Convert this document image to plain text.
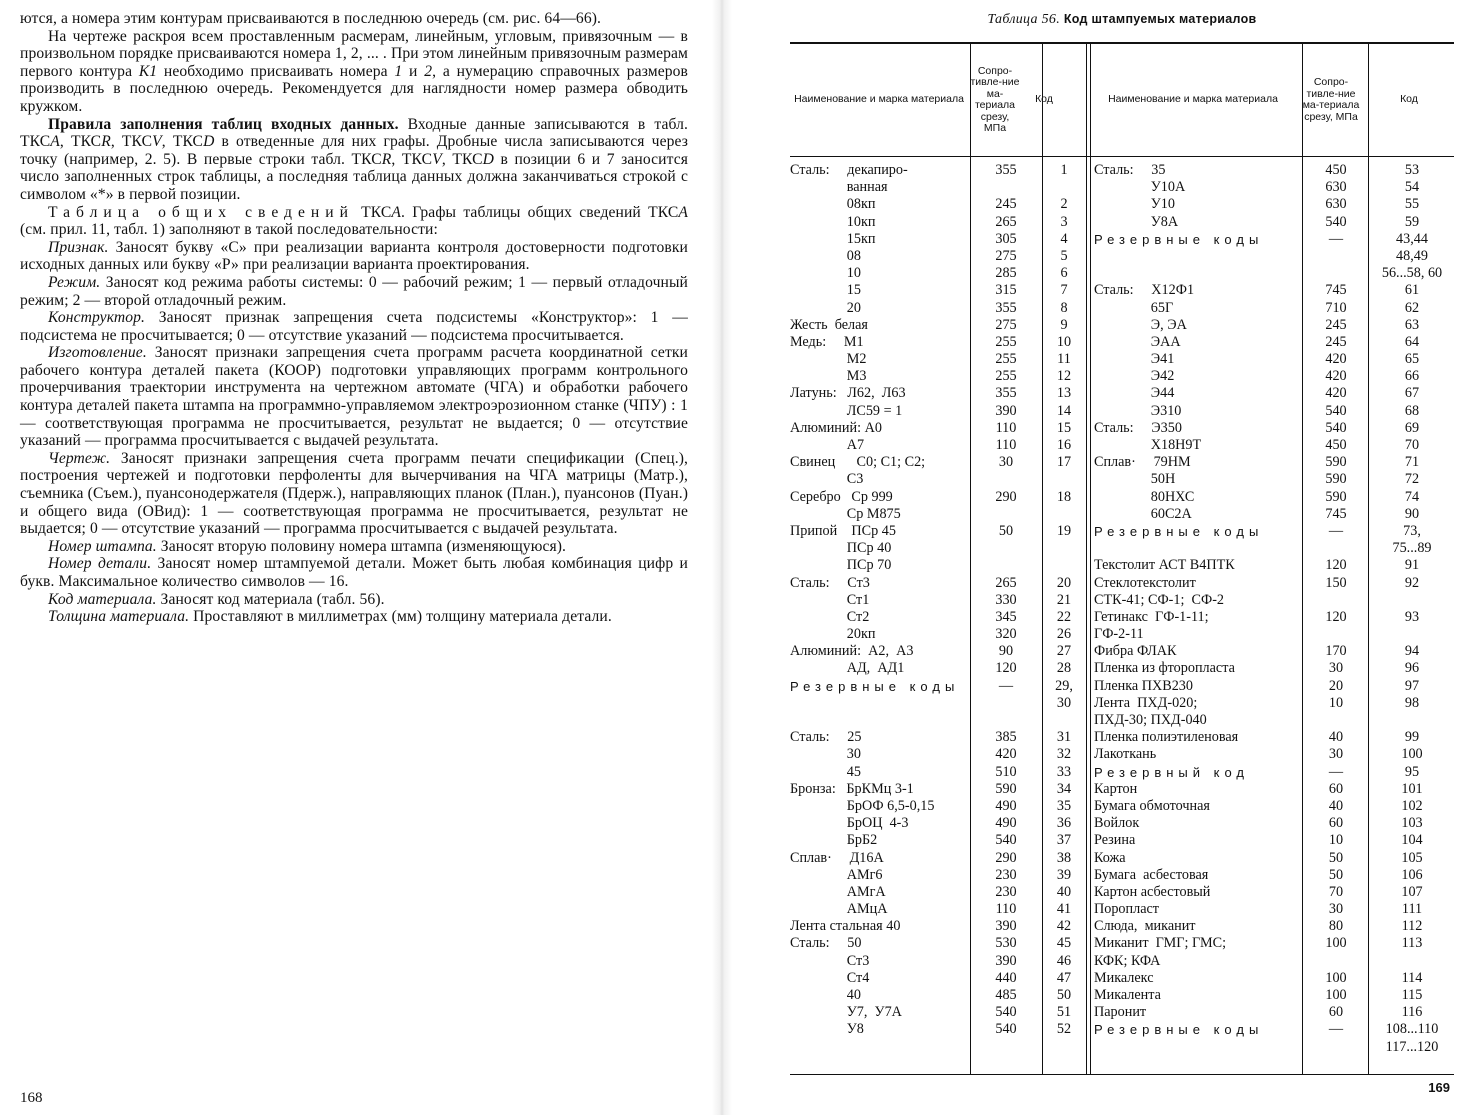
ются, а номера этим контурам присваиваются в последнюю очередь (см. рис. 64—66).

На чертеже раскроя всем проставленным расмерам, линейным, угловым, привязочным — в произвольном порядке присваиваются номера 1, 2, ... . При этом линейным привязочным размерам первого контура К1 необходимо присваивать номера 1 и 2, а нумерацию справочных размеров производить в последнюю очередь. Рекомендуется для наглядности номер размера обводить кружком.

Правила заполнения таблиц входных данных. Входные данные записываются в табл. ТКСA, ТКСR, ТКСV, ТКСD в отведенные для них графы. Дробные числа записываются через точку (например, 2. 5). В первые строки табл. ТКСR, ТКСV, ТКСD в позиции 6 и 7 заносится число заполненных строк таблицы, а последняя таблица данных должна заканчиваться строкой с символом «*» в первой позиции.

Таблица общих сведений ТКСA. Графы таблицы общих сведений ТКСA (см. прил. 11, табл. 1) заполняют в такой последовательности:

Признак. Заносят букву «С» при реализации варианта контроля достоверности подготовки исходных данных или букву «Р» при реализации варианта проектирования.

Режим. Заносят код режима работы системы: 0 — рабочий режим; 1 — первый отладочный режим; 2 — второй отладочный режим.

Конструктор. Заносят признак запрещения счета подсистемы «Конструктор»: 1 — подсистема не просчитывается; 0 — отсутствие указаний — подсистема просчитывается.

Изготовление. Заносят признаки запрещения счета программ расчета координатной сетки рабочего контура деталей пакета (КООР) подготовки управляющих программ контрольного прочерчивания траектории инструмента на чертежном автомате (ЧГА) и обработки рабочего контура деталей пакета штампа на программно-управляемом электроэрозионном станке (ЧПУ) : 1 — соответствующая программа не просчитывается, результат не выдается; 0 — отсутствие указаний — программа просчитывается с выдачей результата.

Чертеж. Заносят признаки запрещения счета программ печати спецификации (Спец.), построения чертежей и подготовки перфоленты для вычерчивания на ЧГА матрицы (Матр.), съемника (Съем.), пуансонодержателя (Пдерж.), направляющих планок (План.), пуансонов (Пуан.) и общего вида (ОВид): 1 — соответствующая программа не просчитывается, результат не выдается; 0 — отсутствие указаний — программа просчитывается с выдачей результата.

Номер штампа. Заносят вторую половину номера штампа (изменяющуюся).

Номер детали. Заносят номер штампуемой детали. Может быть любая комбинация цифр и букв. Максимальное количество символов — 16.

Код материала. Заносят код материала (табл. 56).

Толщина материала. Проставляют в миллиметрах (мм) толщину материала детали.

168
Таблица 56. Код штампуемых материалов
Наименование и марка материала
Сопро-тивле-ние ма-териала срезу, МПа
Код	Наименование и марка материала
Сопро-тивле-ние ма-териала срезу, МПа
Код
Сталь:     декапиро-	355	1
ванная
08кп	245	2
10кп	265	3
15кп	305	4
08	275	5
10	285	6
15	315	7
20	355	8
Жесть  белая	275	9
Медь:     М1	255	10
М2	255	11
М3	255	12
Латунь:   Л62,  Л63	355	13
ЛС59 = 1	390	14
Алюминий: А0	110	15
А7	110	16
Свинец      С0; С1; С2;	30	17
С3
Серебро   Ср 999	290	18
Ср М875
Припой    ПСр 45	50	19
ПСр 40
ПСр 70
Сталь:     Ст3	265	20
Ст1	330	21
Ст2	345	22
20кп	320	26
Алюминий:  А2,  А3	90	27
АД,  АД1	120	28
Резервные коды	—	29,
30
Сталь:     25	385	31
30	420	32
45	510	33
Бронза:   БрКМц 3-1	590	34
БрОФ 6,5-0,15	490	35
БрОЦ  4-3	490	36
БрБ2	540	37
Сплав·     Д16А	290	38
АМг6	230	39
АМгА	230	40
АМцА	110	41
Лента стальная 40	390	42
Сталь:     50	530	45
Ст3	390	46
Ст4	440	47
40	485	50
У7,  У7А	540	51
У8	540	52
Сталь:     35	450	53
У10А	630	54
У10	630	55
У8А	540	59
Резервные коды	—	43,44
48,49
56...58, 60
Сталь:     Х12Ф1	745	61
65Г	710	62
Э, ЭА	245	63
ЭАА	245	64
Э41	420	65
Э42	420	66
Э44	420	67
Э310	540	68
Сталь:     Э350	540	69
Х18Н9Т	450	70
Сплав·     79НМ	590	71
50Н	590	72
80НХС	590	74
60С2А	745	90
Резервные коды	—	73,
75...89
Текстолит АСТ В4ПТК	120	91
Стеклотекстолит	150	92
СТК-41; СФ-1;  СФ-2
Гетинакс  ГФ-1-11;	120	93
ГФ-2-11
Фибра ФЛАК	170	94
Пленка из фторопласта	30	96
Пленка ПХВ230	20	97
Лента  ПХД-020;	10	98
ПХД-30; ПХД-040
Пленка полиэтиленовая	40	99
Лакоткань	30	100
Резервный код	—	95
Картон	60	101
Бумага обмоточная	40	102
Войлок	60	103
Резина	10	104
Кожа	50	105
Бумага  асбестовая	50	106
Картон асбестовый	70	107
Поропласт	30	111
Слюда,  миканит	80	112
Миканит  ГМГ; ГМС;	100	113
КФК; КФА
Микалекс	100	114
Микалента	100	115
Паронит	60	116
Резервные коды	—	108...110
117...120
169
